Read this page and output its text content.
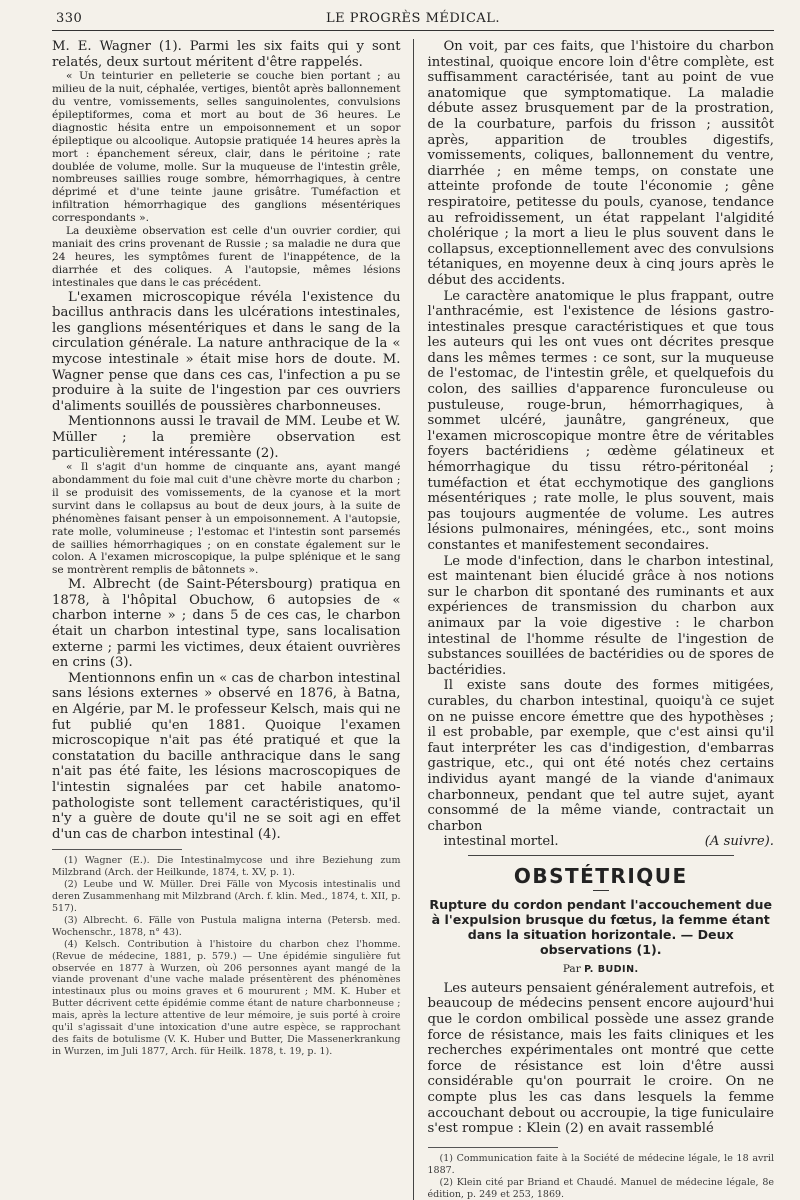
330	LE PROGRÈS MÉDICAL.

M. E. Wagner (1). Parmi les six faits qui y sont relatés, deux surtout méritent d'être rappelés.

« Un teinturier en pelleterie se couche bien portant ; au milieu de la nuit, céphalée, vertiges, bientôt après ballonnement du ventre, vomissements, selles sanguinolentes, convulsions épileptiformes, coma et mort au bout de 36 heures. Le diagnostic hésita entre un empoisonnement et un sopor épileptique ou alcoolique. Autopsie pratiquée 14 heures après la mort : épanchement séreux, clair, dans le péritoine ; rate doublée de volume, molle. Sur la muqueuse de l'intestin grêle, nombreuses saillies rouge sombre, hémorrhagiques, à centre déprimé et d'une teinte jaune grisâtre. Tuméfaction et infiltration hémorrhagique des ganglions mésentériques correspondants ».

La deuxième observation est celle d'un ouvrier cordier, qui maniait des crins provenant de Russie ; sa maladie ne dura que 24 heures, les symptômes furent de l'inappétence, de la diarrhée et des coliques. A l'autopsie, mêmes lésions intestinales que dans le cas précédent.

L'examen microscopique révéla l'existence du bacillus anthracis dans les ulcérations intestinales, les ganglions mésentériques et dans le sang de la circulation générale. La nature anthracique de la « mycose intestinale » était mise hors de doute. M. Wagner pense que dans ces cas, l'infection a pu se produire à la suite de l'ingestion par ces ouvriers d'aliments souillés de poussières charbonneuses.

Mentionnons aussi le travail de MM. Leube et W. Müller ; la première observation est particulièrement intéressante (2).

« Il s'agit d'un homme de cinquante ans, ayant mangé abondamment du foie mal cuit d'une chèvre morte du charbon ; il se produisit des vomissements, de la cyanose et la mort survint dans le collapsus au bout de deux jours, à la suite de phénomènes faisant penser à un empoisonnement. A l'autopsie, rate molle, volumineuse ; l'estomac et l'intestin sont parsemés de saillies hémorrhagiques ; on en constate également sur le colon. A l'examen microscopique, la pulpe splénique et le sang se montrèrent remplis de bâtonnets ».

M. Albrecht (de Saint-Pétersbourg) pratiqua en 1878, à l'hôpital Obuchow, 6 autopsies de « charbon interne » ; dans 5 de ces cas, le charbon était un charbon intestinal type, sans localisation externe ; parmi les victimes, deux étaient ouvrières en crins (3).

Mentionnons enfin un « cas de charbon intestinal sans lésions externes » observé en 1876, à Batna, en Algérie, par M. le professeur Kelsch, mais qui ne fut publié qu'en 1881. Quoique l'examen microscopique n'ait pas été pratiqué et que la constatation du bacille anthracique dans le sang n'ait pas été faite, les lésions macroscopiques de l'intestin signalées par cet habile anatomo-pathologiste sont tellement caractéristiques, qu'il n'y a guère de doute qu'il ne se soit agi en effet d'un cas de charbon intestinal (4).

(1) Wagner (E.). Die Intestinalmycose und ihre Beziehung zum Milzbrand (Arch. der Heilkunde, 1874, t. XV, p. 1).

(2) Leube und W. Müller. Drei Fälle von Mycosis intestinalis und deren Zusammenhang mit Milzbrand (Arch. f. klin. Med., 1874, t. XII, p. 517).

(3) Albrecht. 6. Fälle von Pustula maligna interna (Petersb. med. Wochenschr., 1878, n° 43).

(4) Kelsch. Contribution à l'histoire du charbon chez l'homme. (Revue de médecine, 1881, p. 579.) — Une épidémie singulière fut observée en 1877 à Wurzen, où 206 personnes ayant mangé de la viande provenant d'une vache malade présentèrent des phénomènes intestinaux plus ou moins graves et 6 moururent ; MM. K. Huber et Butter décrivent cette épidémie comme étant de nature charbonneuse ; mais, après la lecture attentive de leur mémoire, je suis porté à croire qu'il s'agissait d'une intoxication d'une autre espèce, se rapprochant des faits de botulisme (V. K. Huber und Butter, Die Massenerkrankung in Wurzen, im Juli 1877, Arch. für Heilk. 1878, t. 19, p. 1).

On voit, par ces faits, que l'histoire du charbon intestinal, quoique encore loin d'être complète, est suffisamment caractérisée, tant au point de vue anatomique que symptomatique. La maladie débute assez brusquement par de la prostration, de la courbature, parfois du frisson ; aussitôt après, apparition de troubles digestifs, vomissements, coliques, ballonnement du ventre, diarrhée ; en même temps, on constate une atteinte profonde de toute l'économie ; gêne respiratoire, petitesse du pouls, cyanose, tendance au refroidissement, un état rappelant l'algidité cholérique ; la mort a lieu le plus souvent dans le collapsus, exceptionnellement avec des convulsions tétaniques, en moyenne deux à cinq jours après le début des accidents.

Le caractère anatomique le plus frappant, outre l'anthracémie, est l'existence de lésions gastro-intestinales presque caractéristiques et que tous les auteurs qui les ont vues ont décrites presque dans les mêmes termes : ce sont, sur la muqueuse de l'estomac, de l'intestin grêle, et quelquefois du colon, des saillies d'apparence furonculeuse ou pustuleuse, rouge-brun, hémorrhagiques, à sommet ulcéré, jaunâtre, gangréneux, que l'examen microscopique montre être de véritables foyers bactéridiens ; œdème gélatineux et hémorrhagique du tissu rétro-péritonéal ; tuméfaction et état ecchymotique des ganglions mésentériques ; rate molle, le plus souvent, mais pas toujours augmentée de volume. Les autres lésions pulmonaires, méningées, etc., sont moins constantes et manifestement secondaires.

Le mode d'infection, dans le charbon intestinal, est maintenant bien élucidé grâce à nos notions sur le charbon dit spontané des ruminants et aux expériences de transmission du charbon aux animaux par la voie digestive : le charbon intestinal de l'homme résulte de l'ingestion de substances souillées de bactéridies ou de spores de bactéridies.

Il existe sans doute des formes mitigées, curables, du charbon intestinal, quoiqu'à ce sujet on ne puisse encore émettre que des hypothèses ; il est probable, par exemple, que c'est ainsi qu'il faut interpréter les cas d'indigestion, d'embarras gastrique, etc., qui ont été notés chez certains individus ayant mangé de la viande d'animaux charbonneux, pendant que tel autre sujet, ayant consommé de la même viande, contractait un charbon

intestinal mortel.	(A suivre).
OBSTÉTRIQUE
Rupture du cordon pendant l'accouchement due à l'expulsion brusque du fœtus, la femme étant dans la situation horizontale. — Deux observations (1).
Par P. BUDIN.

Les auteurs pensaient généralement autrefois, et beaucoup de médecins pensent encore aujourd'hui que le cordon ombilical possède une assez grande force de résistance, mais les faits cliniques et les recherches expérimentales ont montré que cette force de résistance est loin d'être aussi considérable qu'on pourrait le croire. On ne compte plus les cas dans lesquels la femme accouchant debout ou accroupie, la tige funiculaire s'est rompue : Klein (2) en avait rassemblé

(1) Communication faite à la Société de médecine légale, le 18 avril 1887.

(2) Klein cité par Briand et Chaudé. Manuel de médecine légale, 8e édition, p. 249 et 253, 1869.
